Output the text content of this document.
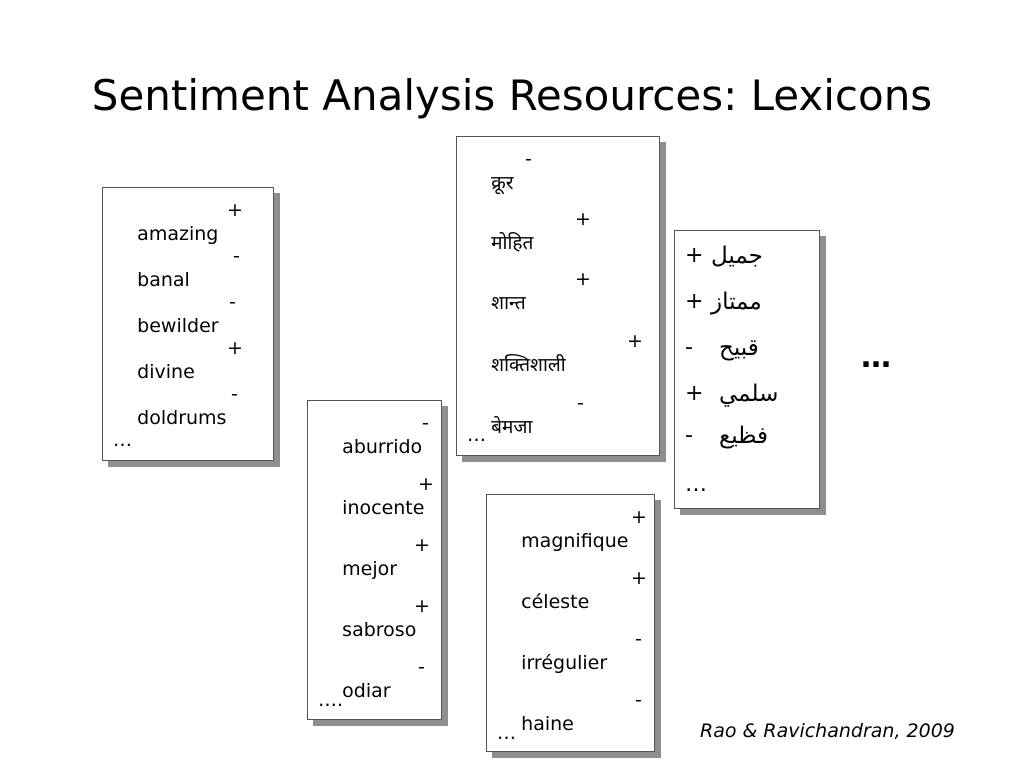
Sentiment Analysis Resources: Lexicons

amazing

+

banal

-

bewilder

-

divine

+

doldrums

-

…	aburrido

-

inocente

+

mejor

+

sabroso

+

odiar

-

….

क्रूर

-

मोहित

+

शान्त

+

शक्तिशाली

+

बेमजा

-

…

magnifique

+

céleste

+

irrégulier

-

haine

-

…

+

جميل

+

ممتاز

-

قبيح

+

سلمي

-

فظيع

…
…
Rao & Ravichandran, 2009
